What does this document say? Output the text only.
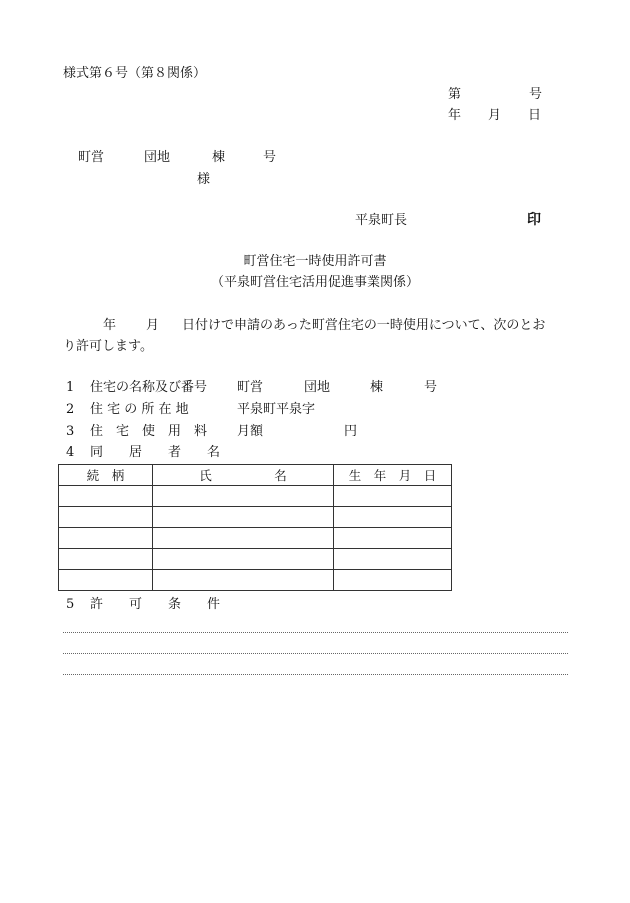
様式第６号（第８関係）
第	号
年 月 日
町営	団地	棟	号
様
平泉町長	印
町営住宅一時使用許可書
（平泉町営住宅活用促進事業関係）
年 月 日付けで申請のあった町営住宅の一時使用について、次のとお
り許可します。
1 住宅の名称及び番号 町営	団地	棟	号
2 住 宅 の 所 在 地	平泉町平泉字
3 住　宅　使　用　料 月額	円
4 同　　居　　者　　名
続　柄	氏　　　　　名	生　年　月　日

5 許　　可　　条　　件
